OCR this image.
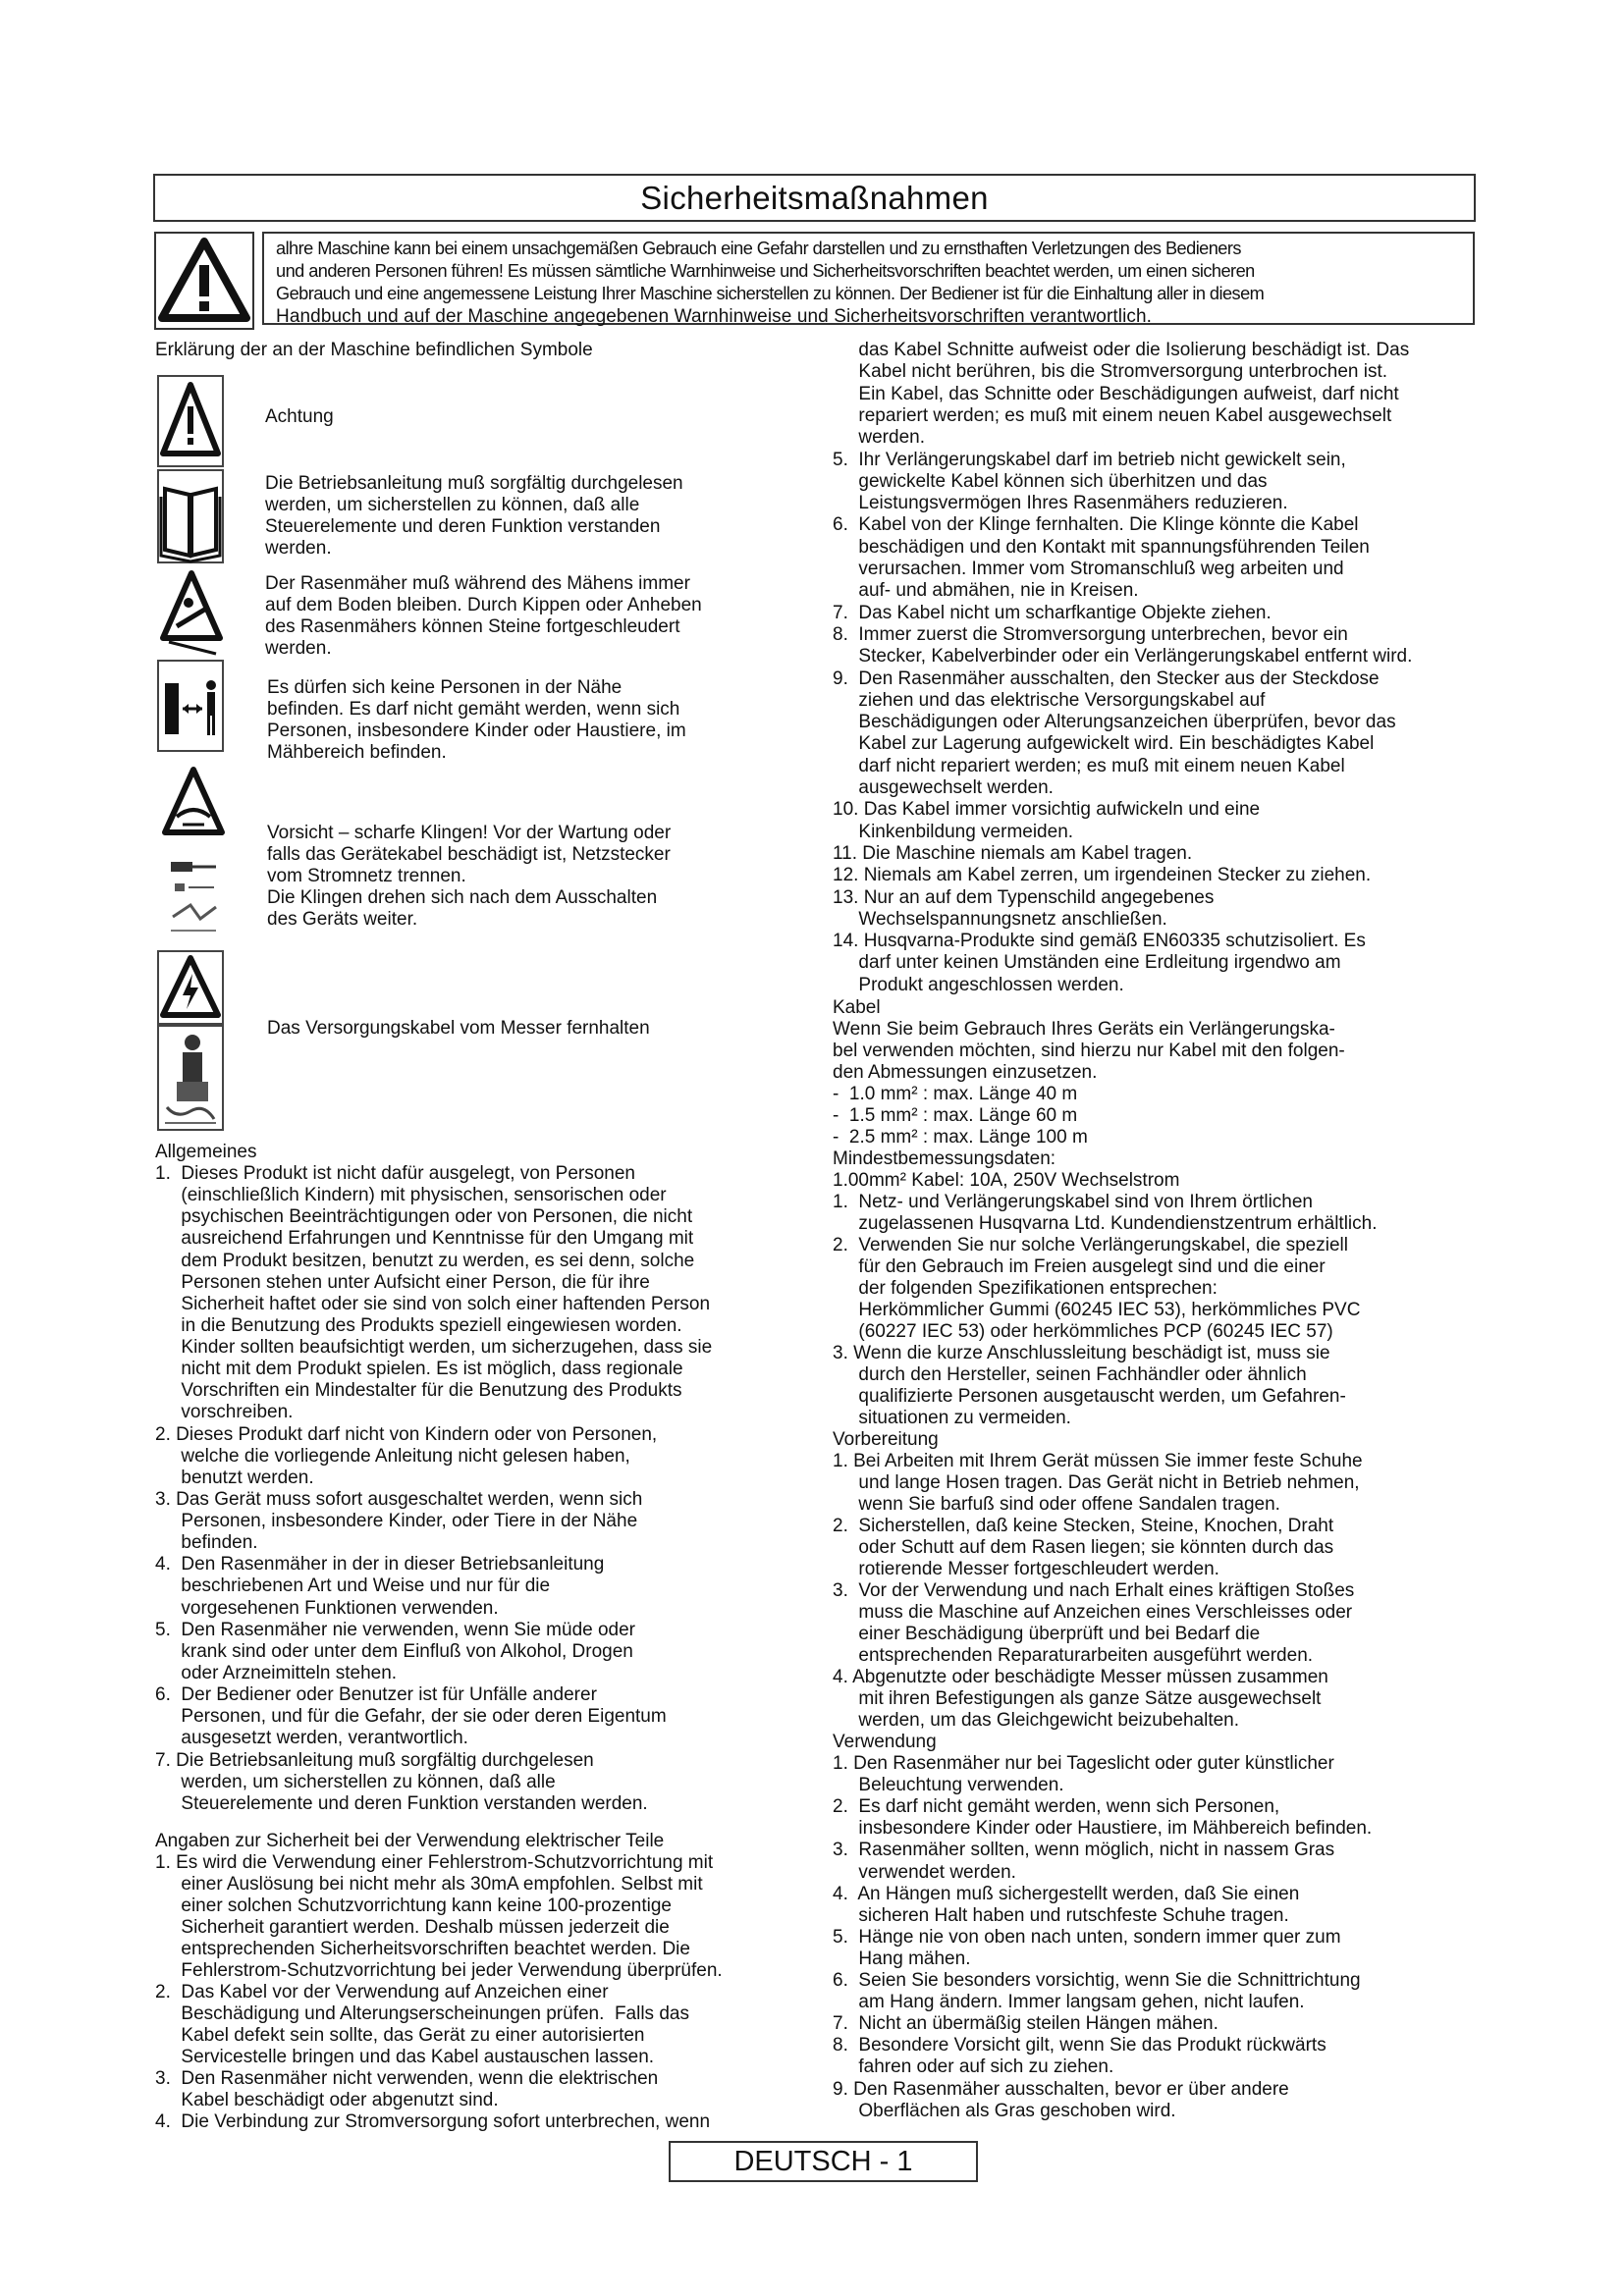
Sicherheitsmaßnahmen

alhre Maschine kann bei einem unsachgemäßen Gebrauch eine Gefahr darstellen und zu ernsthaften Verletzungen des Bedieners

und anderen Personen führen! Es müssen sämtliche Warnhinweise und Sicherheitsvorschriften beachtet werden, um einen sicheren

Gebrauch und eine angemessene Leistung Ihrer Maschine sicherstellen zu können. Der Bediener ist für die Einhaltung aller in diesem

Handbuch und auf der Maschine angegebenen Warnhinweise und Sicherheitsvorschriften verantwortlich.

Erklärung der an der Maschine befindlichen Symbole
Achtung
Die Betriebsanleitung muß sorgfältig durchgelesen
werden, um sicherstellen zu können, daß alle
Steuerelemente und deren Funktion verstanden
werden.
Der Rasenmäher muß während des Mähens immer
auf dem Boden bleiben. Durch Kippen oder Anheben
des Rasenmähers können Steine fortgeschleudert
werden.
Es dürfen sich keine Personen in der Nähe
befinden. Es darf nicht gemäht werden, wenn sich
Personen, insbesondere Kinder oder Haustiere, im
Mähbereich befinden.
Vorsicht – scharfe Klingen! Vor der Wartung oder
falls das Gerätekabel beschädigt ist, Netzstecker
vom Stromnetz trennen.
Die Klingen drehen sich nach dem Ausschalten
des Geräts weiter.
Das Versorgungskabel vom Messer fernhalten
Allgemeines
1.  Dieses Produkt ist nicht dafür ausgelegt, von Personen
(einschließlich Kindern) mit physischen, sensorischen oder
psychischen Beeinträchtigungen oder von Personen, die nicht
ausreichend Erfahrungen und Kenntnisse für den Umgang mit
dem Produkt besitzen, benutzt zu werden, es sei denn, solche
Personen stehen unter Aufsicht einer Person, die für ihre
Sicherheit haftet oder sie sind von solch einer haftenden Person
in die Benutzung des Produkts speziell eingewiesen worden.
Kinder sollten beaufsichtigt werden, um sicherzugehen, dass sie
nicht mit dem Produkt spielen. Es ist möglich, dass regionale
Vorschriften ein Mindestalter für die Benutzung des Produkts
vorschreiben.
2. Dieses Produkt darf nicht von Kindern oder von Personen,
welche die vorliegende Anleitung nicht gelesen haben,
benutzt werden.
3. Das Gerät muss sofort ausgeschaltet werden, wenn sich
Personen, insbesondere Kinder, oder Tiere in der Nähe
befinden.
4.  Den Rasenmäher in der in dieser Betriebsanleitung
beschriebenen Art und Weise und nur für die
vorgesehenen Funktionen verwenden.
5.  Den Rasenmäher nie verwenden, wenn Sie müde oder
krank sind oder unter dem Einfluß von Alkohol, Drogen
oder Arzneimitteln stehen.
6.  Der Bediener oder Benutzer ist für Unfälle anderer
Personen, und für die Gefahr, der sie oder deren Eigentum
ausgesetzt werden, verantwortlich.
7. Die Betriebsanleitung muß sorgfältig durchgelesen
werden, um sicherstellen zu können, daß alle
Steuerelemente und deren Funktion verstanden werden.
Angaben zur Sicherheit bei der Verwendung elektrischer Teile
1. Es wird die Verwendung einer Fehlerstrom-Schutzvorrichtung mit
einer Auslösung bei nicht mehr als 30mA empfohlen. Selbst mit
einer solchen Schutzvorrichtung kann keine 100-prozentige
Sicherheit garantiert werden. Deshalb müssen jederzeit die
entsprechenden Sicherheitsvorschriften beachtet werden. Die
Fehlerstrom-Schutzvorrichtung bei jeder Verwendung überprüfen.
2.  Das Kabel vor der Verwendung auf Anzeichen einer
Beschädigung und Alterungserscheinungen prüfen.  Falls das
Kabel defekt sein sollte, das Gerät zu einer autorisierten
Servicestelle bringen und das Kabel austauschen lassen.
3.  Den Rasenmäher nicht verwenden, wenn die elektrischen
Kabel beschädigt oder abgenutzt sind.
4.  Die Verbindung zur Stromversorgung sofort unterbrechen, wenn
das Kabel Schnitte aufweist oder die Isolierung beschädigt ist. Das
Kabel nicht berühren, bis die Stromversorgung unterbrochen ist.
Ein Kabel, das Schnitte oder Beschädigungen aufweist, darf nicht
repariert werden; es muß mit einem neuen Kabel ausgewechselt
werden.
5.  Ihr Verlängerungskabel darf im betrieb nicht gewickelt sein,
gewickelte Kabel können sich überhitzen und das
Leistungsvermögen Ihres Rasenmähers reduzieren.
6.  Kabel von der Klinge fernhalten. Die Klinge könnte die Kabel
beschädigen und den Kontakt mit spannungsführenden Teilen
verursachen. Immer vom Stromanschluß weg arbeiten und
auf- und abmähen, nie in Kreisen.
7.  Das Kabel nicht um scharfkantige Objekte ziehen.
8.  Immer zuerst die Stromversorgung unterbrechen, bevor ein
Stecker, Kabelverbinder oder ein Verlängerungskabel entfernt wird.
9.  Den Rasenmäher ausschalten, den Stecker aus der Steckdose
ziehen und das elektrische Versorgungskabel auf
Beschädigungen oder Alterungsanzeichen überprüfen, bevor das
Kabel zur Lagerung aufgewickelt wird. Ein beschädigtes Kabel
darf nicht repariert werden; es muß mit einem neuen Kabel
ausgewechselt werden.
10. Das Kabel immer vorsichtig aufwickeln und eine
Kinkenbildung vermeiden.
11. Die Maschine niemals am Kabel tragen.
12. Niemals am Kabel zerren, um irgendeinen Stecker zu ziehen.
13. Nur an auf dem Typenschild angegebenes
Wechselspannungsnetz anschließen.
14. Husqvarna-Produkte sind gemäß EN60335 schutzisoliert. Es
darf unter keinen Umständen eine Erdleitung irgendwo am
Produkt angeschlossen werden.
Kabel
Wenn Sie beim Gebrauch Ihres Geräts ein Verlängerungska-
bel verwenden möchten, sind hierzu nur Kabel mit den folgen-
den Abmessungen einzusetzen.
-  1.0 mm² : max. Länge 40 m
-  1.5 mm² : max. Länge 60 m
-  2.5 mm² : max. Länge 100 m
Mindestbemessungsdaten:
1.00mm² Kabel: 10A, 250V Wechselstrom
1.  Netz- und Verlängerungskabel sind von Ihrem örtlichen
zugelassenen Husqvarna Ltd. Kundendienstzentrum erhältlich.
2.  Verwenden Sie nur solche Verlängerungskabel, die speziell
für den Gebrauch im Freien ausgelegt sind und die einer
der folgenden Spezifikationen entsprechen:
Herkömmlicher Gummi (60245 IEC 53), herkömmliches PVC
(60227 IEC 53) oder herkömmliches PCP (60245 IEC 57)
3. Wenn die kurze Anschlussleitung beschädigt ist, muss sie
durch den Hersteller, seinen Fachhändler oder ähnlich
qualifizierte Personen ausgetauscht werden, um Gefahren-
situationen zu vermeiden.
Vorbereitung
1. Bei Arbeiten mit Ihrem Gerät müssen Sie immer feste Schuhe
und lange Hosen tragen. Das Gerät nicht in Betrieb nehmen,
wenn Sie barfuß sind oder offene Sandalen tragen.
2.  Sicherstellen, daß keine Stecken, Steine, Knochen, Draht
oder Schutt auf dem Rasen liegen; sie könnten durch das
rotierende Messer fortgeschleudert werden.
3.  Vor der Verwendung und nach Erhalt eines kräftigen Stoßes
muss die Maschine auf Anzeichen eines Verschleisses oder
einer Beschädigung überprüft und bei Bedarf die
entsprechenden Reparaturarbeiten ausgeführt werden.
4. Abgenutzte oder beschädigte Messer müssen zusammen
mit ihren Befestigungen als ganze Sätze ausgewechselt
werden, um das Gleichgewicht beizubehalten.
Verwendung
1. Den Rasenmäher nur bei Tageslicht oder guter künstlicher
Beleuchtung verwenden.
2.  Es darf nicht gemäht werden, wenn sich Personen,
insbesondere Kinder oder Haustiere, im Mähbereich befinden.
3.  Rasenmäher sollten, wenn möglich, nicht in nassem Gras
verwendet werden.
4.  An Hängen muß sichergestellt werden, daß Sie einen
sicheren Halt haben und rutschfeste Schuhe tragen.
5.  Hänge nie von oben nach unten, sondern immer quer zum
Hang mähen.
6.  Seien Sie besonders vorsichtig, wenn Sie die Schnittrichtung
am Hang ändern. Immer langsam gehen, nicht laufen.
7.  Nicht an übermäßig steilen Hängen mähen.
8.  Besondere Vorsicht gilt, wenn Sie das Produkt rückwärts
fahren oder auf sich zu ziehen.
9. Den Rasenmäher ausschalten, bevor er über andere
Oberflächen als Gras geschoben wird.
DEUTSCH - 1
